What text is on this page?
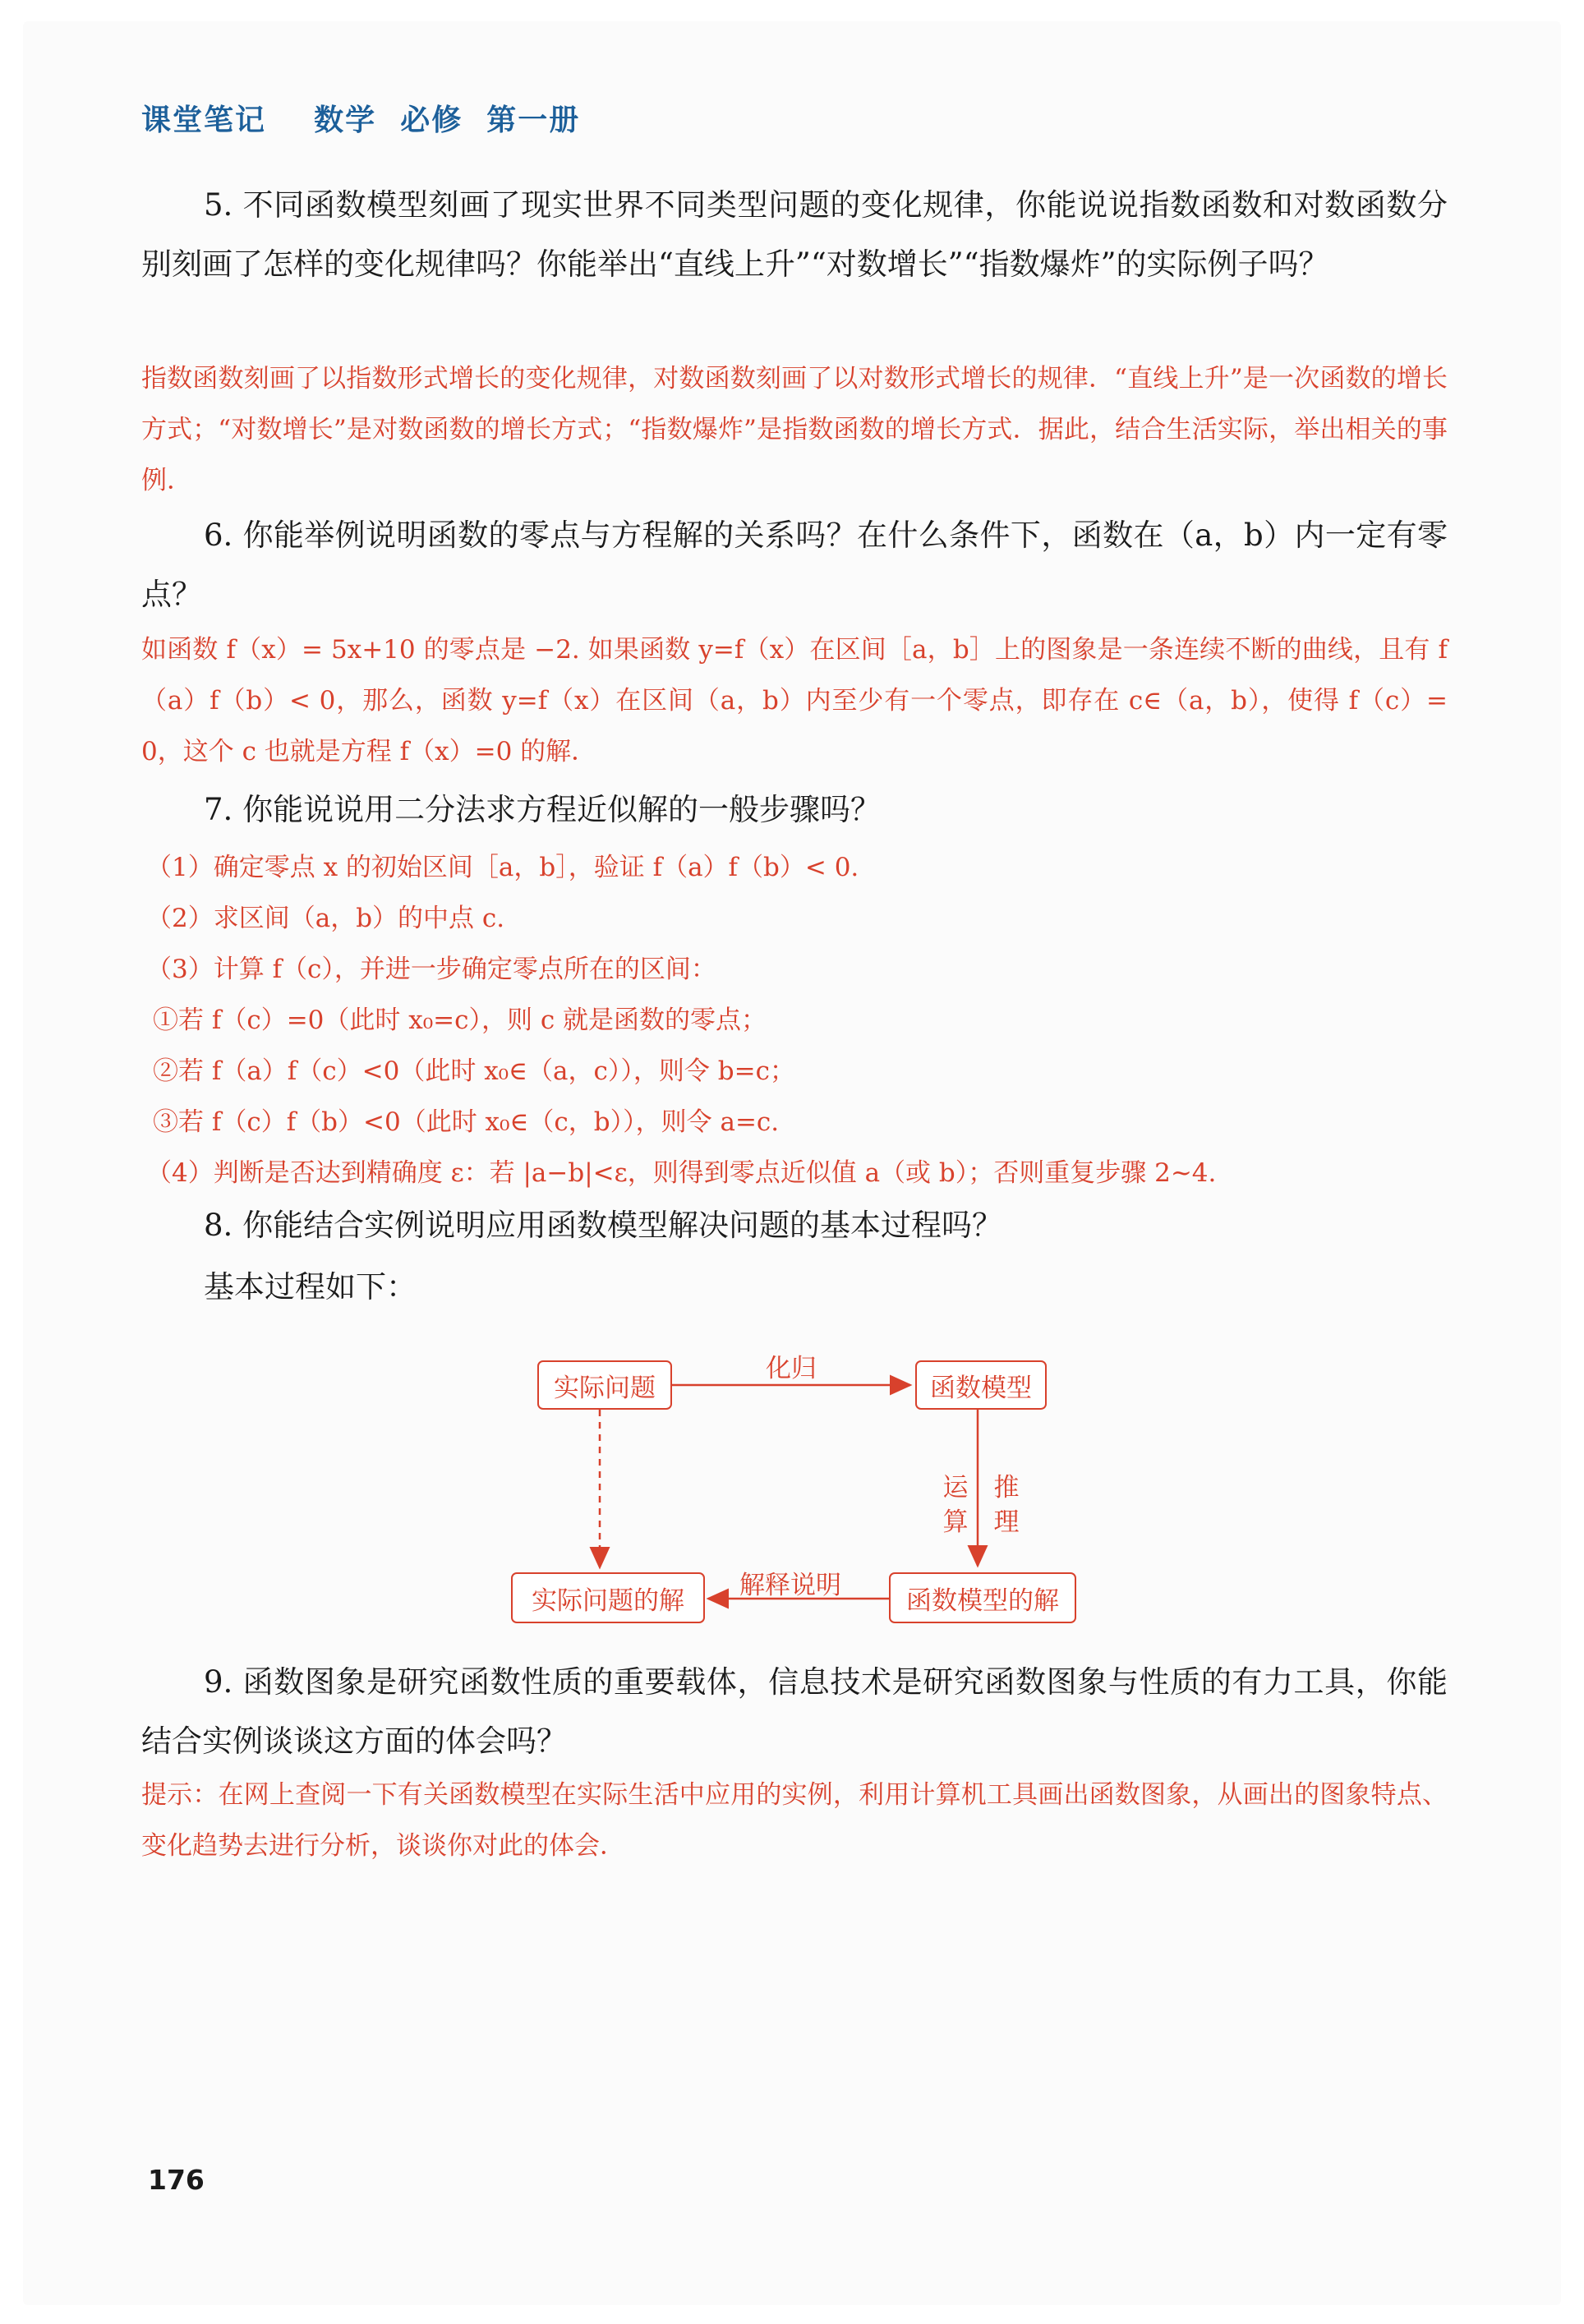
课堂笔记 数学  必修  第一册
5. 不同函数模型刻画了现实世界不同类型问题的变化规律，你能说说指数函数和对数函数分别刻画了怎样的变化规律吗？你能举出“直线上升”“对数增长”“指数爆炸”的实际例子吗？
指数函数刻画了以指数形式增长的变化规律，对数函数刻画了以对数形式增长的规律．“直线上升”是一次函数的增长方式；“对数增长”是对数函数的增长方式；“指数爆炸”是指数函数的增长方式．据此，结合生活实际，举出相关的事例．
6. 你能举例说明函数的零点与方程解的关系吗？在什么条件下，函数在（a，b）内一定有零点？
如函数 f（x）= 5x+10 的零点是 −2. 如果函数 y=f（x）在区间［a，b］上的图象是一条连续不断的曲线，且有 f（a）f（b）< 0，那么，函数 y=f（x）在区间（a，b）内至少有一个零点，即存在 c∈（a，b），使得 f（c）= 0，这个 c 也就是方程 f（x）=0 的解．
7. 你能说说用二分法求方程近似解的一般步骤吗？
（1）确定零点 x 的初始区间［a，b］，验证 f（a）f（b）< 0.
（2）求区间（a，b）的中点 c.
（3）计算 f（c），并进一步确定零点所在的区间：
①若 f（c）=0（此时 x₀=c），则 c 就是函数的零点；
②若 f（a）f（c）<0（此时 x₀∈（a，c）），则令 b=c；
③若 f（c）f（b）<0（此时 x₀∈（c，b）），则令 a=c.
（4）判断是否达到精确度 ε：若 |a−b|<ε，则得到零点近似值 a（或 b）；否则重复步骤 2~4.
8. 你能结合实例说明应用函数模型解决问题的基本过程吗？
基本过程如下：
实际问题	函数模型
函数模型的解
实际问题的解
化归
运算
推理
解释说明
9. 函数图象是研究函数性质的重要载体，信息技术是研究函数图象与性质的有力工具，你能结合实例谈谈这方面的体会吗？
提示：在网上查阅一下有关函数模型在实际生活中应用的实例，利用计算机工具画出函数图象，从画出的图象特点、变化趋势去进行分析，谈谈你对此的体会．
176
